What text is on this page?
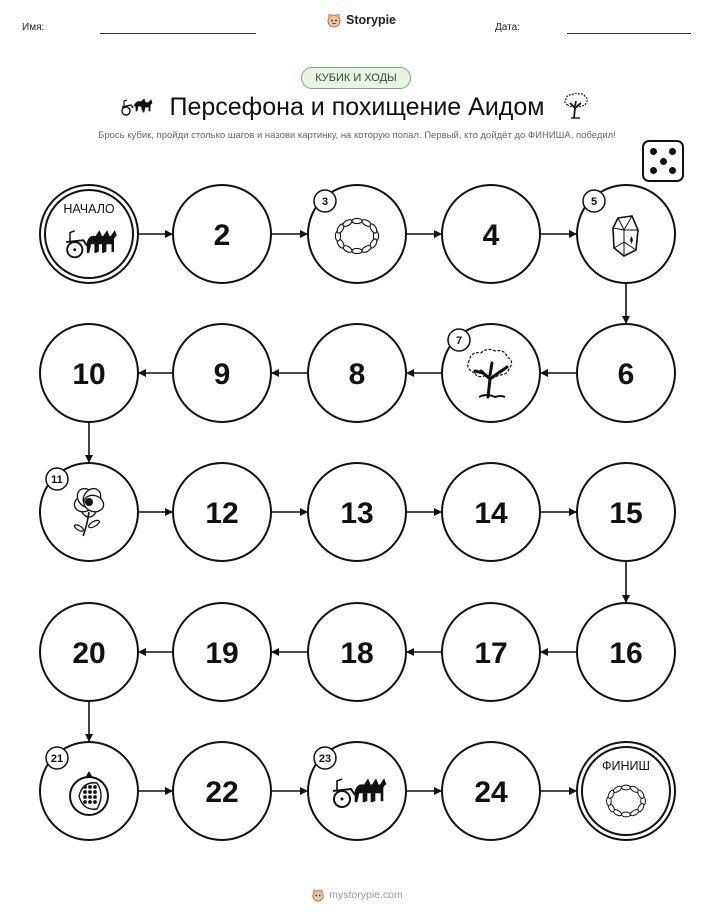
Имя:
Storypie
Дата:
КУБИК И ХОДЫ
Персефона и похищение Аидом
Брось кубик, пройди столько шагов и назови картинку, на которую попал. Первый, кто дойдёт до ФИНИША, победил!
НАЧАЛО
2
3
4
5
6
7
8
9
10
11
12	13	14	15
16
17
18
19
20
21
22
23
24
ФИНИШ
mystorypie.com
